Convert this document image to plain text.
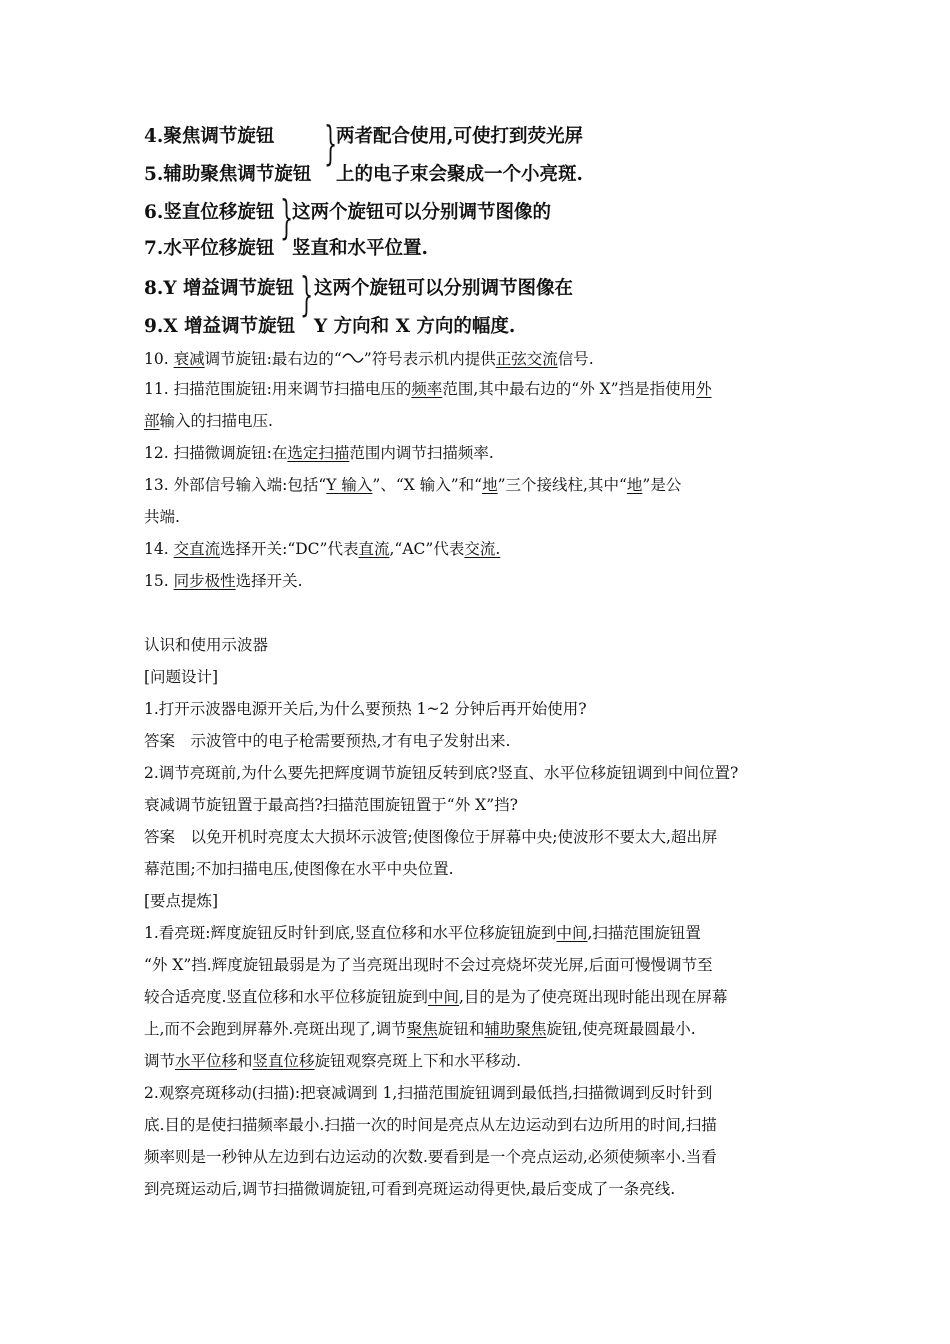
4.聚焦调节旋钮
5.辅助聚焦调节旋钮
}
两者配合使用,可使打到荧光屏
上的电子束会聚成一个小亮斑.
6.竖直位移旋钮
7.水平位移旋钮
}
这两个旋钮可以分别调节图像的
竖直和水平位置.
8.Y 增益调节旋钮
9.X 增益调节旋钮
} 这两个旋钮可以分别调节图像在
Y 方向和 X 方向的幅度.
10. 衰减调节旋钮:最右边的“ ”符号表示机内提供正弦交流信号.
11. 扫描范围旋钮:用来调节扫描电压的频率范围,其中最右边的“外 X”挡是指使用外
部输入的扫描电压.
12. 扫描微调旋钮:在选定扫描范围内调节扫描频率.
13. 外部信号输入端:包括“Y 输入”、“X 输入”和“地”三个接线柱,其中“地”是公
共端.
14. 交直流选择开关:“DC”代表直流,“AC”代表交流.
15. 同步极性选择开关.
认识和使用示波器
[问题设计]
1.打开示波器电源开关后,为什么要预热 1~2 分钟后再开始使用?
答案　 示波管中的电子枪需要预热,才有电子发射出来.
2.调节亮斑前,为什么要先把辉度调节旋钮反转到底?竖直、水平位移旋钮调到中间位置?
衰减调节旋钮置于最高挡?扫描范围旋钮置于“外 X”挡?
答案　 以免开机时亮度太大损坏示波管;使图像位于屏幕中央;使波形不要太大,超出屏
幕范围;不加扫描电压,使图像在水平中央位置.
[要点提炼]
1.看亮斑:辉度旋钮反时针到底,竖直位移和水平位移旋钮旋到中间,扫描范围旋钮置
“外 X”挡.辉度旋钮最弱是为了当亮斑出现时不会过亮烧坏荧光屏,后面可慢慢调节至
较合适亮度.竖直位移和水平位移旋钮旋到中间,目的是为了使亮斑出现时能出现在屏幕
上,而不会跑到屏幕外.亮斑出现了,调节聚焦旋钮和辅助聚焦旋钮,使亮斑最圆最小.
调节水平位移和竖直位移旋钮观察亮斑上下和水平移动.
2.观察亮斑移动(扫描):把衰减调到 1,扫描范围旋钮调到最低挡,扫描微调到反时针到
底.目的是使扫描频率最小.扫描一次的时间是亮点从左边运动到右边所用的时间,扫描
频率则是一秒钟从左边到右边运动的次数.要看到是一个亮点运动,必须使频率小.当看
到亮斑运动后,调节扫描微调旋钮,可看到亮斑运动得更快,最后变成了一条亮线.
